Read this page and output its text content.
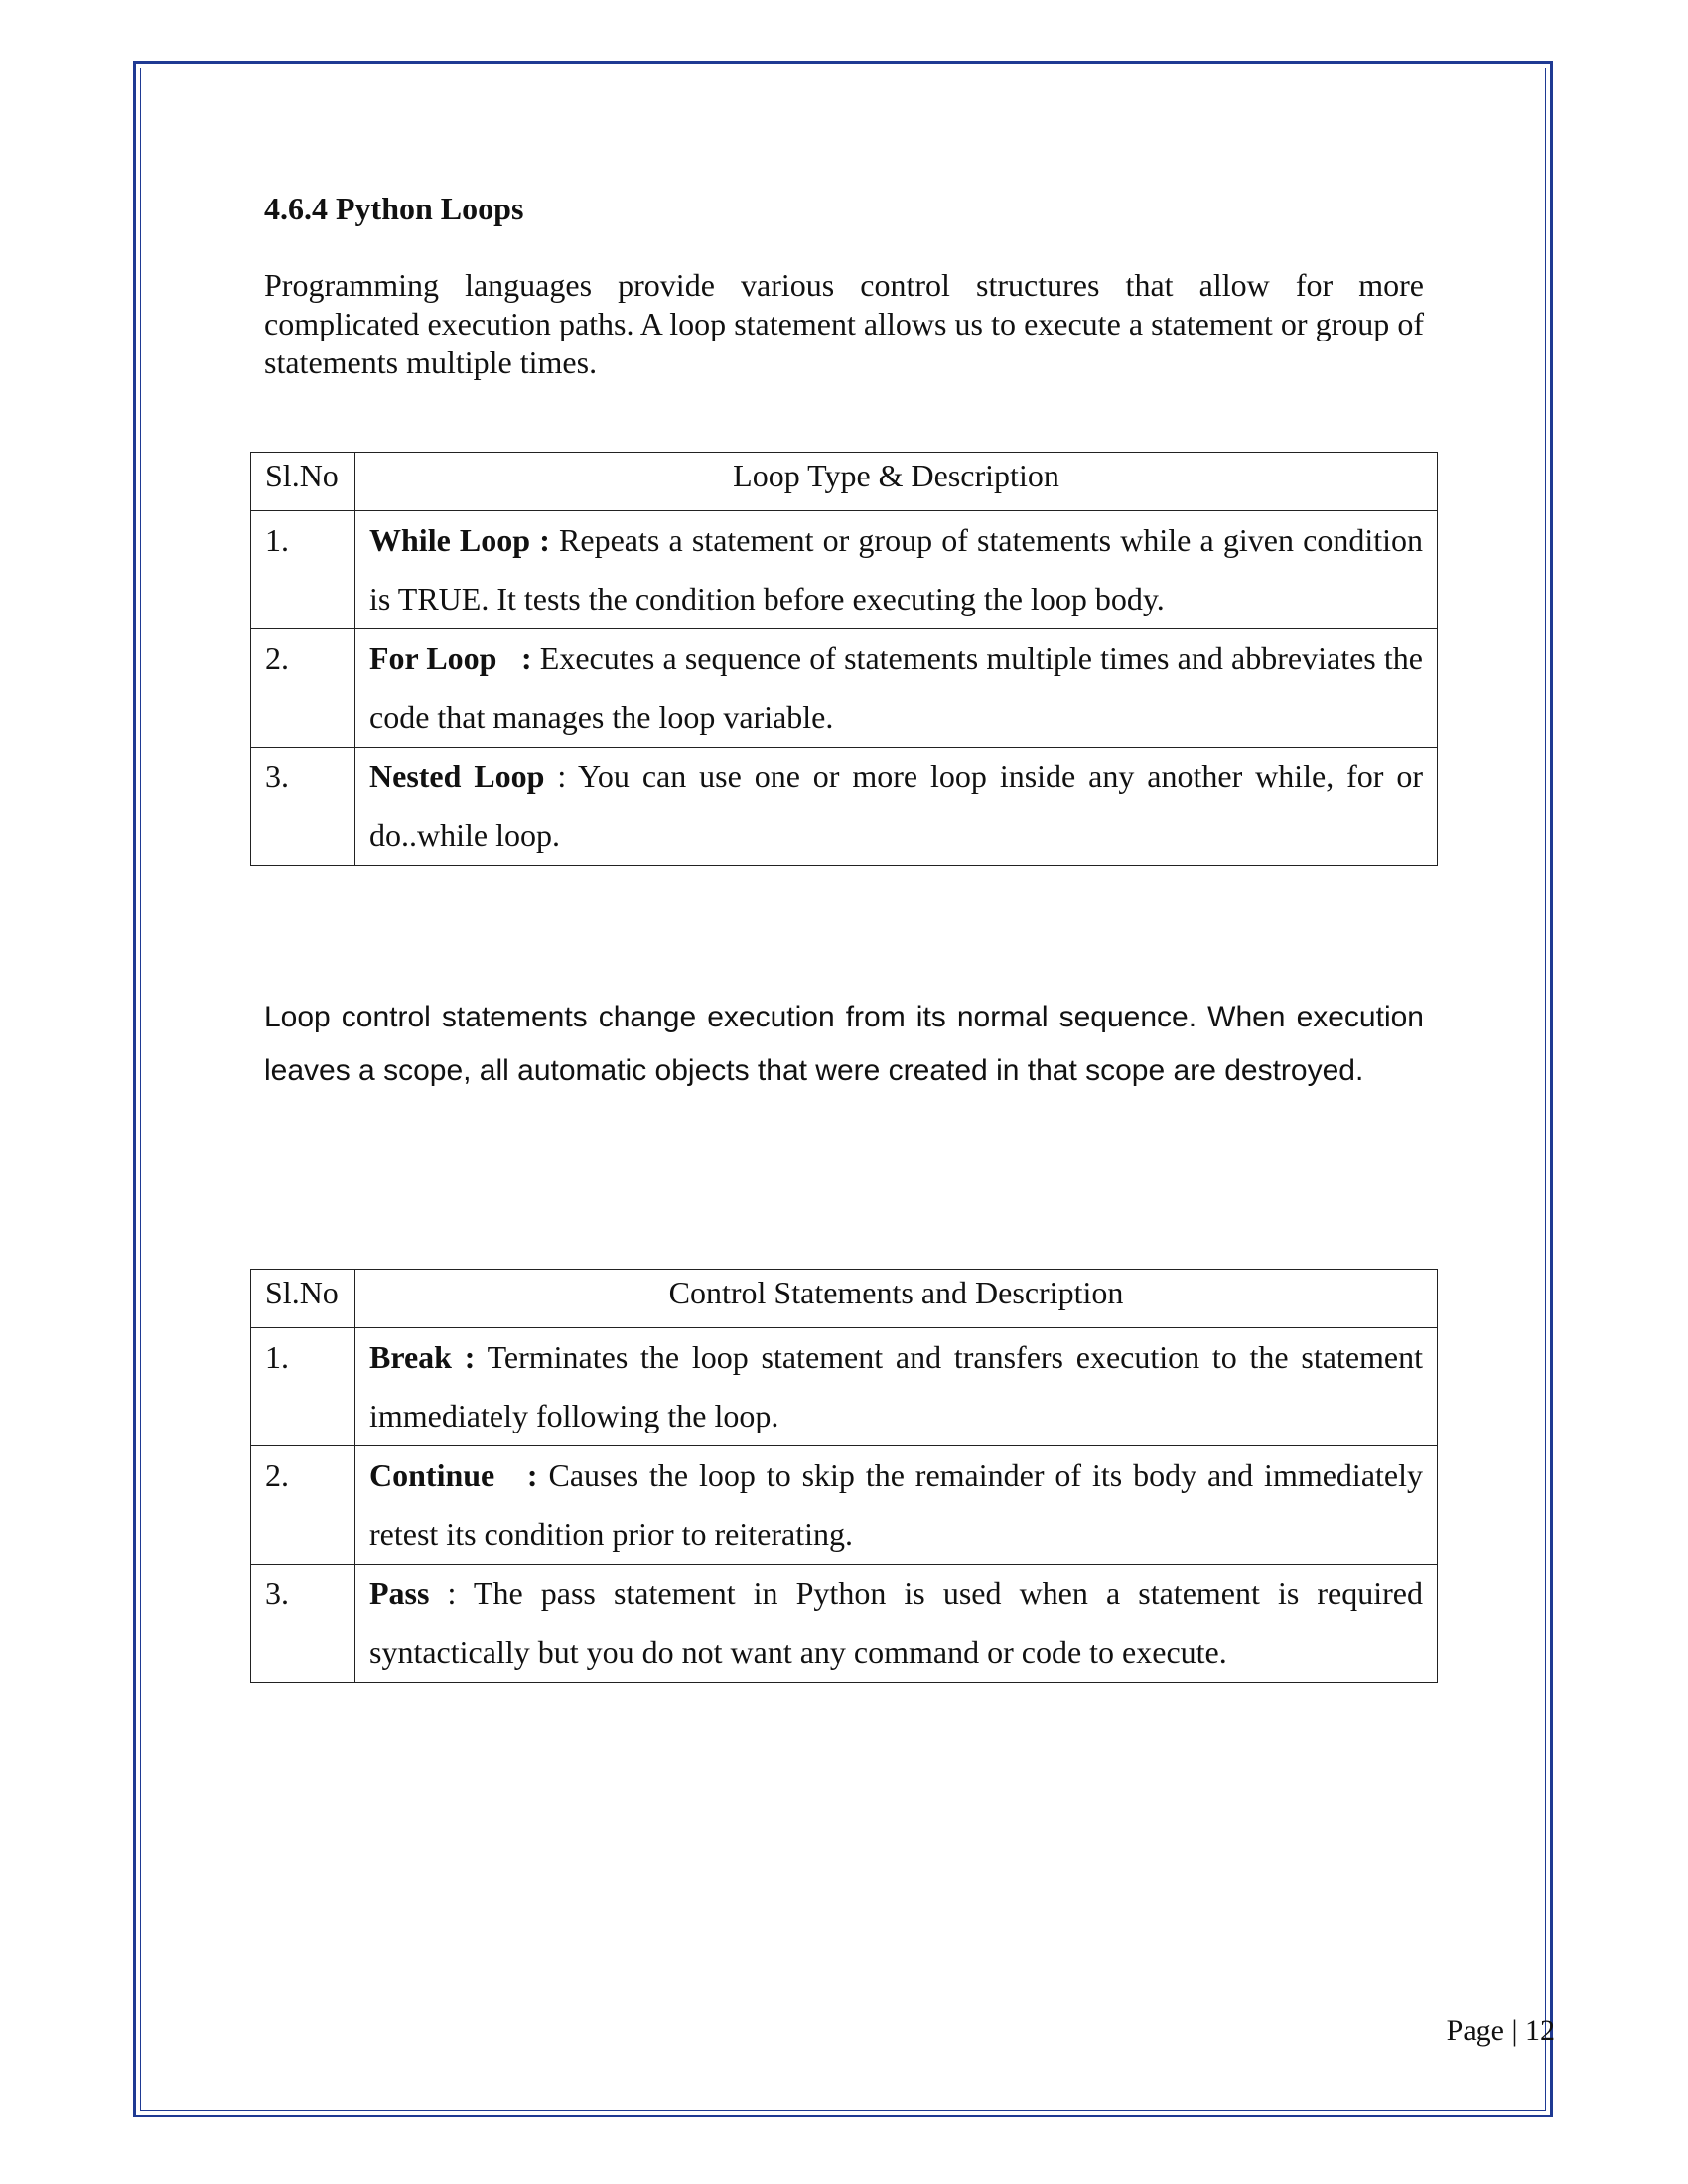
4.6.4 Python Loops

Programming languages provide various control structures that allow for more complicated execution paths. A loop statement allows us to execute a statement or group of statements multiple times.

Sl.No	Loop Type & Description
1.	While Loop : Repeats a statement or group of statements while a given condition is TRUE. It tests the condition before executing the loop body.
2.	For Loop   : Executes a sequence of statements multiple times and abbreviates the code that manages the loop variable.
3.	Nested Loop : You can use one or more loop inside any another while, for or do..while loop.

Loop control statements change execution from its normal sequence. When execution leaves a scope, all automatic objects that were created in that scope are destroyed.

Sl.No	Control Statements and Description
1.	Break : Terminates the loop statement and transfers execution to the statement immediately following the loop.
2.	Continue   : Causes the loop to skip the remainder of its body and immediately retest its condition prior to reiterating.
3.	Pass : The pass statement in Python is used when a statement is required syntactically but you do not want any command or code to execute.

Page | 12
